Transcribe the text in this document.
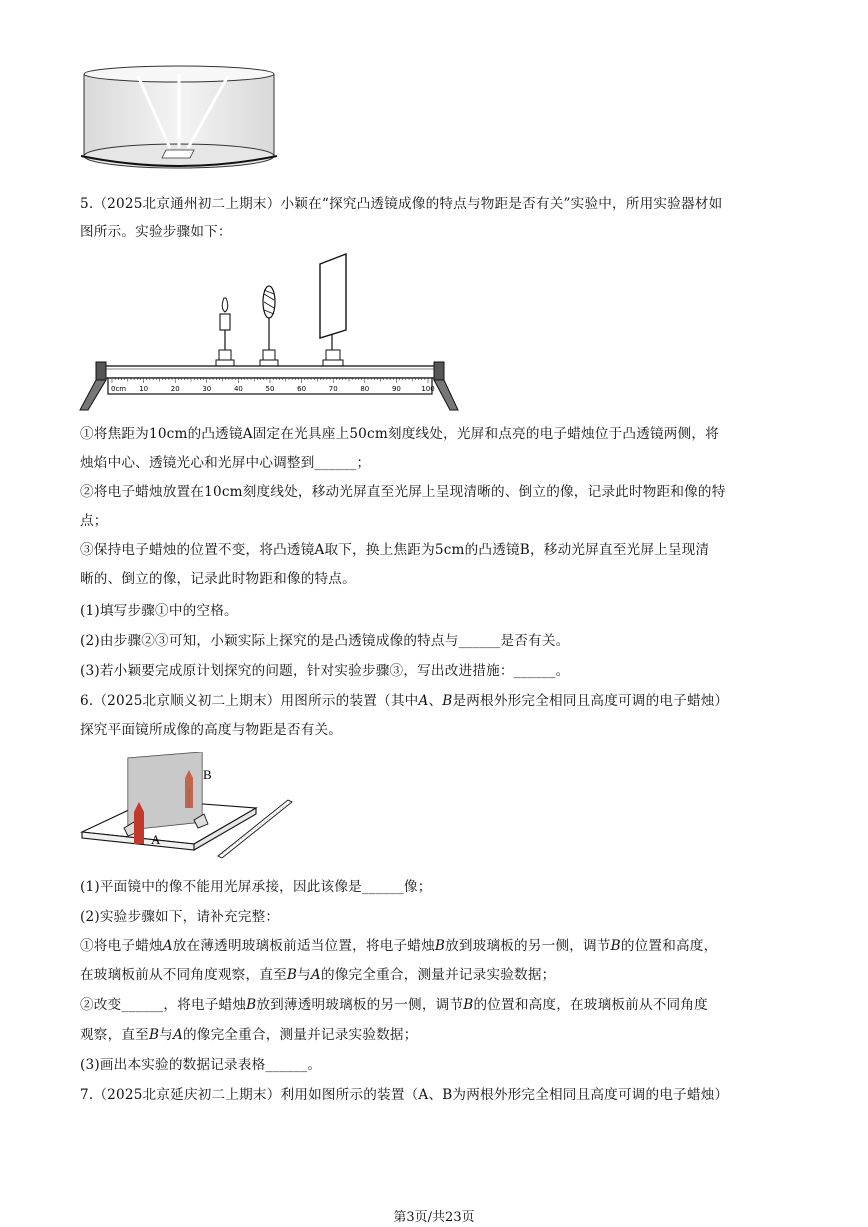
5.（2025北京通州初二上期末）小颖在“探究凸透镜成像的特点与物距是否有关”实验中，所用实验器材如
图所示。实验步骤如下：
0cm 10	20	30	40	50	60	70	80	90	100
①将焦距为10cm的凸透镜A固定在光具座上50cm刻度线处，光屏和点亮的电子蜡烛位于凸透镜两侧，将
烛焰中心、透镜光心和光屏中心调整到______；
②将电子蜡烛放置在10cm刻度线处，移动光屏直至光屏上呈现清晰的、倒立的像，记录此时物距和像的特
点；
③保持电子蜡烛的位置不变，将凸透镜A取下，换上焦距为5cm的凸透镜B，移动光屏直至光屏上呈现清
晰的、倒立的像，记录此时物距和像的特点。
(1)填写步骤①中的空格。
(2)由步骤②③可知，小颖实际上探究的是凸透镜成像的特点与______是否有关。
(3)若小颖要完成原计划探究的问题，针对实验步骤③，写出改进措施：______。
6.（2025北京顺义初二上期末）用图所示的装置（其中A、B是两根外形完全相同且高度可调的电子蜡烛）
探究平面镜所成像的高度与物距是否有关。
A
B
(1)平面镜中的像不能用光屏承接，因此该像是______像；
(2)实验步骤如下，请补充完整：
①将电子蜡烛A放在薄透明玻璃板前适当位置，将电子蜡烛B放到玻璃板的另一侧，调节B的位置和高度，
在玻璃板前从不同角度观察，直至B与A的像完全重合，测量并记录实验数据；
②改变______，将电子蜡烛B放到薄透明玻璃板的另一侧，调节B的位置和高度，在玻璃板前从不同角度
观察，直至B与A的像完全重合，测量并记录实验数据；
(3)画出本实验的数据记录表格______。
7.（2025北京延庆初二上期末）利用如图所示的装置（A、B为两根外形完全相同且高度可调的电子蜡烛）
第3页/共23页
